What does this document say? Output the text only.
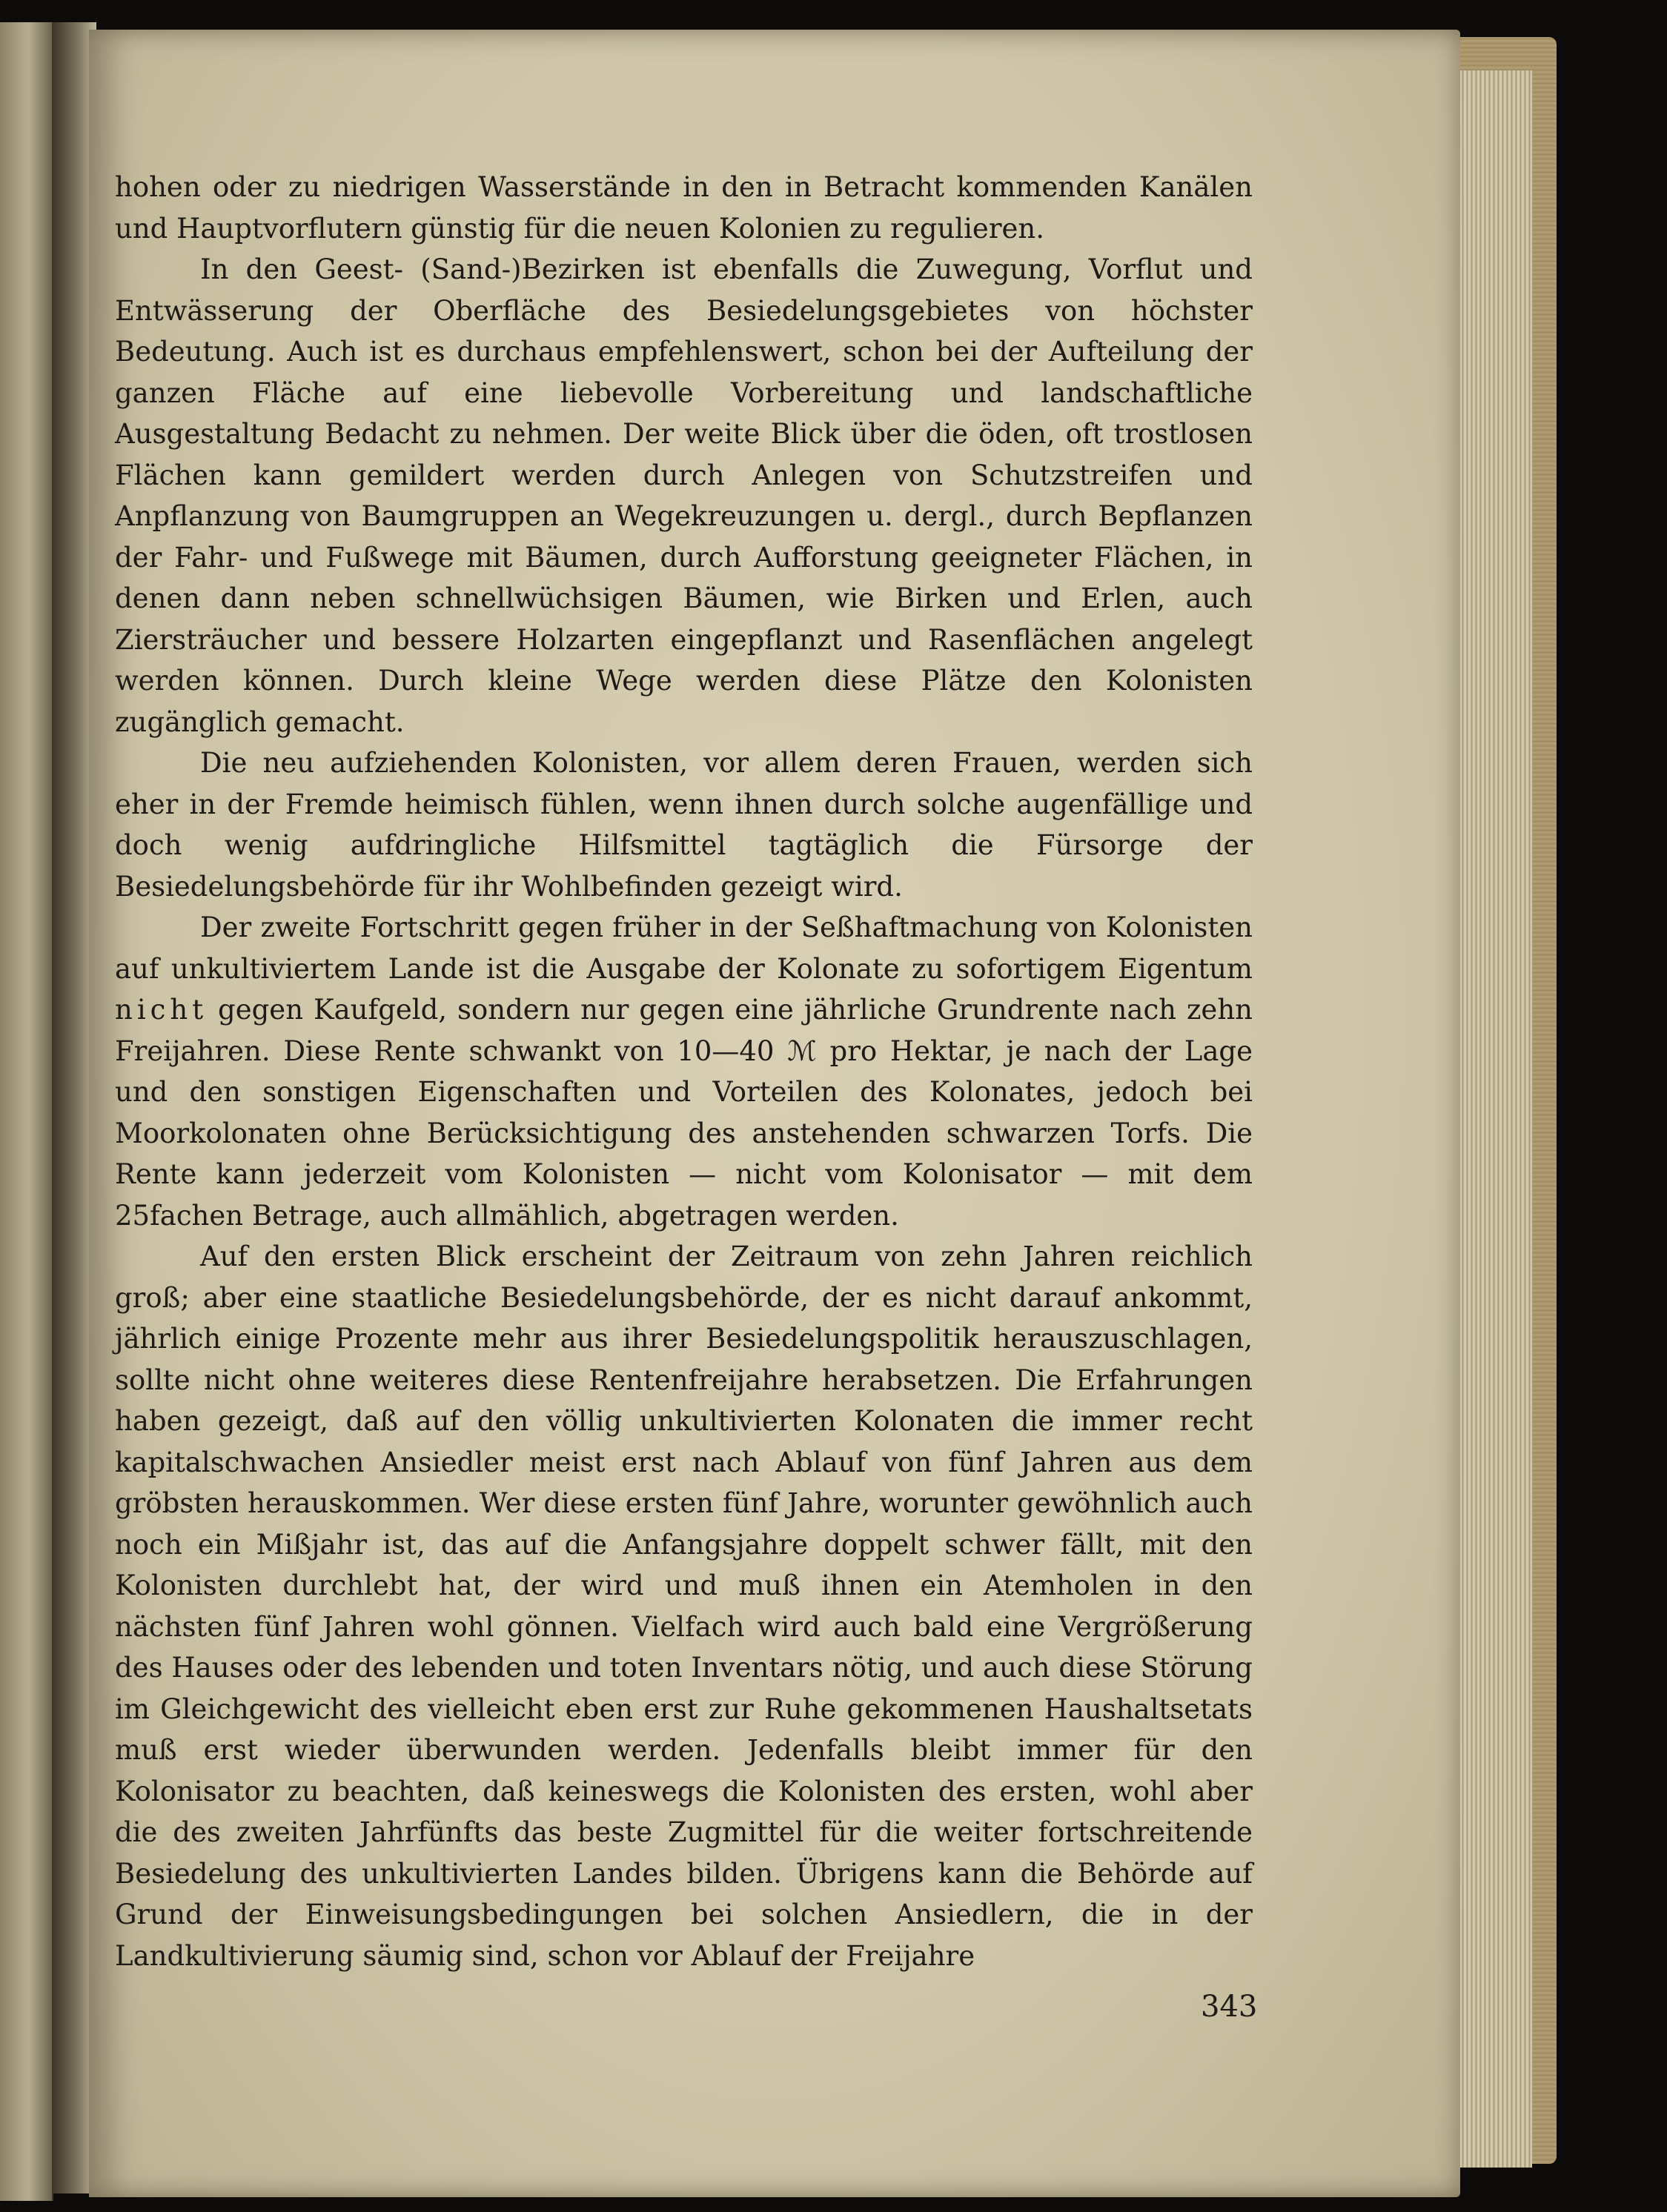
hohen oder zu niedrigen Wasserstände in den in Betracht kommenden Kanälen und Hauptvorflutern günstig für die neuen Kolonien zu regulieren.

In den Geest- (Sand-)Bezirken ist ebenfalls die Zuwegung, Vorflut und Entwässerung der Oberfläche des Besiedelungsgebietes von höchster Bedeutung. Auch ist es durchaus empfehlenswert, schon bei der Aufteilung der ganzen Fläche auf eine liebevolle Vorbereitung und landschaftliche Ausgestaltung Bedacht zu nehmen. Der weite Blick über die öden, oft trostlosen Flächen kann gemildert werden durch Anlegen von Schutzstreifen und Anpflanzung von Baumgruppen an Wegekreuzungen u. dergl., durch Bepflanzen der Fahr- und Fußwege mit Bäumen, durch Aufforstung geeigneter Flächen, in denen dann neben schnellwüchsigen Bäumen, wie Birken und Erlen, auch Ziersträucher und bessere Holzarten eingepflanzt und Rasenflächen angelegt werden können. Durch kleine Wege werden diese Plätze den Kolonisten zugänglich gemacht.

Die neu aufziehenden Kolonisten, vor allem deren Frauen, werden sich eher in der Fremde heimisch fühlen, wenn ihnen durch solche augenfällige und doch wenig aufdringliche Hilfsmittel tagtäglich die Fürsorge der Besiedelungsbehörde für ihr Wohlbefinden gezeigt wird.

Der zweite Fortschritt gegen früher in der Seßhaftmachung von Kolonisten auf unkultiviertem Lande ist die Ausgabe der Kolonate zu sofortigem Eigentum nicht gegen Kaufgeld, sondern nur gegen eine jährliche Grundrente nach zehn Freijahren. Diese Rente schwankt von 10—40 ℳ pro Hektar, je nach der Lage und den sonstigen Eigenschaften und Vorteilen des Kolonates, jedoch bei Moorkolonaten ohne Berücksichtigung des anstehenden schwarzen Torfs. Die Rente kann jederzeit vom Kolonisten — nicht vom Kolonisator — mit dem 25fachen Betrage, auch allmählich, abgetragen werden.

Auf den ersten Blick erscheint der Zeitraum von zehn Jahren reichlich groß; aber eine staatliche Besiedelungsbehörde, der es nicht darauf ankommt, jährlich einige Prozente mehr aus ihrer Besiedelungspolitik herauszuschlagen, sollte nicht ohne weiteres diese Rentenfreijahre herabsetzen. Die Erfahrungen haben gezeigt, daß auf den völlig unkultivierten Kolonaten die immer recht kapitalschwachen Ansiedler meist erst nach Ablauf von fünf Jahren aus dem gröbsten herauskommen. Wer diese ersten fünf Jahre, worunter gewöhnlich auch noch ein Mißjahr ist, das auf die Anfangsjahre doppelt schwer fällt, mit den Kolonisten durchlebt hat, der wird und muß ihnen ein Atemholen in den nächsten fünf Jahren wohl gönnen. Vielfach wird auch bald eine Vergrößerung des Hauses oder des lebenden und toten Inventars nötig, und auch diese Störung im Gleichgewicht des vielleicht eben erst zur Ruhe gekommenen Haushaltsetats muß erst wieder überwunden werden. Jedenfalls bleibt immer für den Kolonisator zu beachten, daß keineswegs die Kolonisten des ersten, wohl aber die des zweiten Jahrfünfts das beste Zugmittel für die weiter fortschreitende Besiedelung des unkultivierten Landes bilden. Übrigens kann die Behörde auf Grund der Einweisungsbedingungen bei solchen Ansiedlern, die in der Landkultivierung säumig sind, schon vor Ablauf der Freijahre

343
